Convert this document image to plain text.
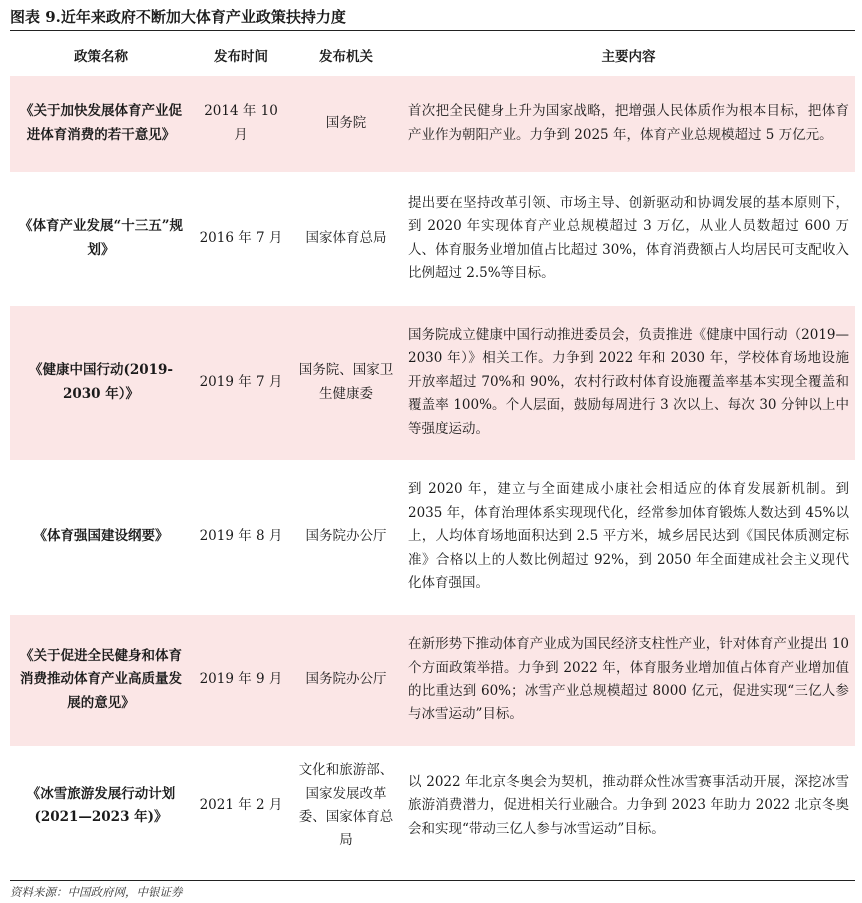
图表 9.近年来政府不断加大体育产业政策扶持力度
政策名称	发布时间	发布机关	主要内容
《关于加快发展体育产业促进体育消费的若干意见》	2014 年 10 月	国务院	首次把全民健身上升为国家战略，把增强人民体质作为根本目标，把体育产业作为朝阳产业。力争到 2025 年，体育产业总规模超过 5 万亿元。
《体育产业发展“十三五”规划》	2016 年 7 月	国家体育总局	提出要在坚持改革引领、市场主导、创新驱动和协调发展的基本原则下，到 2020 年实现体育产业总规模超过 3 万亿，从业人员数超过 600 万人、体育服务业增加值占比超过 30%，体育消费额占人均居民可支配收入比例超过 2.5%等目标。
《健康中国行动(2019-2030 年）》	2019 年 7 月	国务院、国家卫生健康委	国务院成立健康中国行动推进委员会，负责推进《健康中国行动（2019—2030 年）》相关工作。力争到 2022 年和 2030 年，学校体育场地设施开放率超过 70%和 90%，农村行政村体育设施覆盖率基本实现全覆盖和覆盖率 100%。个人层面，鼓励每周进行 3 次以上、每次 30 分钟以上中等强度运动。
《体育强国建设纲要》	2019 年 8 月	国务院办公厅	到 2020 年，建立与全面建成小康社会相适应的体育发展新机制。到 2035 年，体育治理体系实现现代化，经常参加体育锻炼人数达到 45%以上，人均体育场地面积达到 2.5 平方米，城乡居民达到《国民体质测定标准》合格以上的人数比例超过 92%，到 2050 年全面建成社会主义现代化体育强国。
《关于促进全民健身和体育消费推动体育产业高质量发展的意见》	2019 年 9 月	国务院办公厅	在新形势下推动体育产业成为国民经济支柱性产业，针对体育产业提出 10 个方面政策举措。力争到 2022 年，体育服务业增加值占体育产业增加值的比重达到 60%；冰雪产业总规模超过 8000 亿元，促进实现“三亿人参与冰雪运动”目标。
《冰雪旅游发展行动计划(2021—2023 年)》	2021 年 2 月	文化和旅游部、国家发展改革委、国家体育总局	以 2022 年北京冬奥会为契机，推动群众性冰雪赛事活动开展，深挖冰雪旅游消费潜力，促进相关行业融合。力争到 2023 年助力 2022 北京冬奥会和实现“带动三亿人参与冰雪运动”目标。
资料来源：中国政府网，中银证券
